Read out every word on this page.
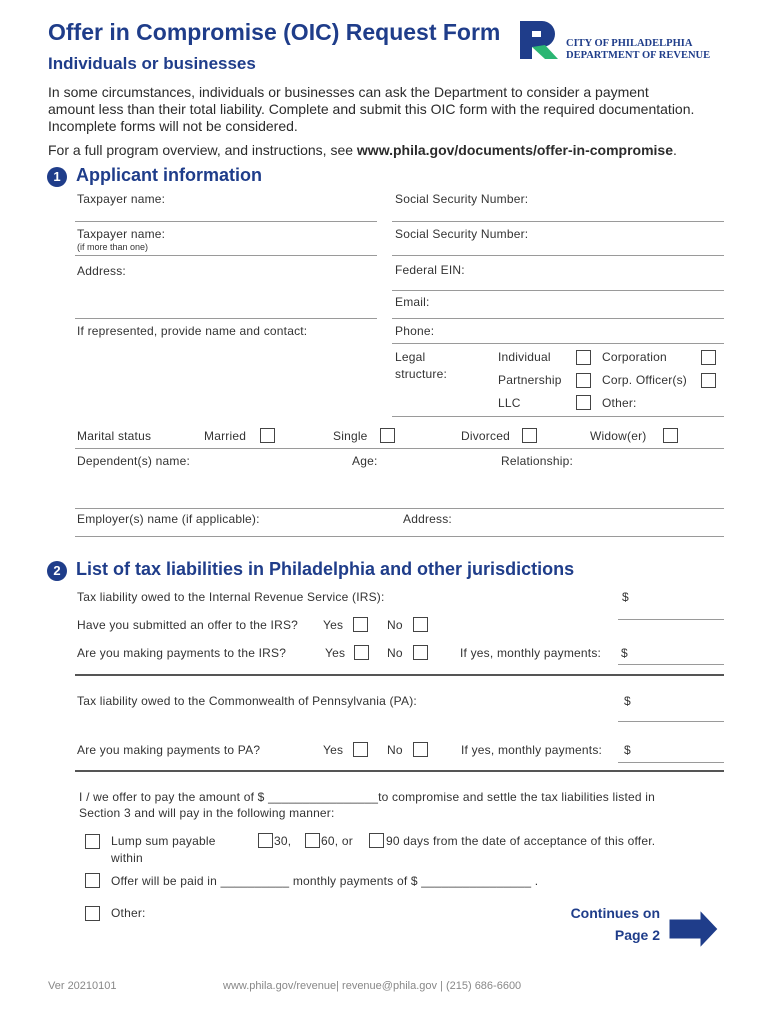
Offer in Compromise (OIC) Request Form
Individuals or businesses
CITY OF PHILADELPHIA
DEPARTMENT OF REVENUE
In some circumstances, individuals or businesses can ask the Department to consider a payment amount less than their total liability. Complete and submit this OIC form with the required documentation. Incomplete forms will not be considered.
For a full program overview, and instructions, see www.phila.gov/documents/offer-in-compromise.
1 Applicant information
Taxpayer name:	Social Security Number:
Taxpayer name:
(if more than one)
Social Security Number:
Address:	Federal EIN:
Email:
If represented, provide name and contact:	Phone:
Legal structure:
Individual	Corporation
Partnership	Corp. Officer(s)
LLC	Other:
Marital status	Married	Single	Divorced	Widow(er)
Dependent(s) name:	Age:	Relationship:
Employer(s) name (if applicable):	Address:
2 List of tax liabilities in Philadelphia and other jurisdictions
Tax liability owed to the Internal Revenue Service (IRS):	$
Have you submitted an offer to the IRS? Yes	No
Are you making payments to the IRS?	Yes	No	If yes, monthly payments: $
Tax liability owed to the Commonwealth of Pennsylvania (PA):	$
Are you making payments to PA?	Yes	No	If yes, monthly payments: $
I / we offer to pay the amount of $ ________________to compromise and settle the tax liabilities listed in
Section 3 and will pay in the following manner:
Lump sum payable
within
30, 60, or	90 days from the date of acceptance of this offer.
Offer will be paid in __________ monthly payments of $ ________________ .
Other:	Continues on
Page 2
Ver 20210101	www.phila.gov/revenue| revenue@phila.gov | (215) 686-6600
